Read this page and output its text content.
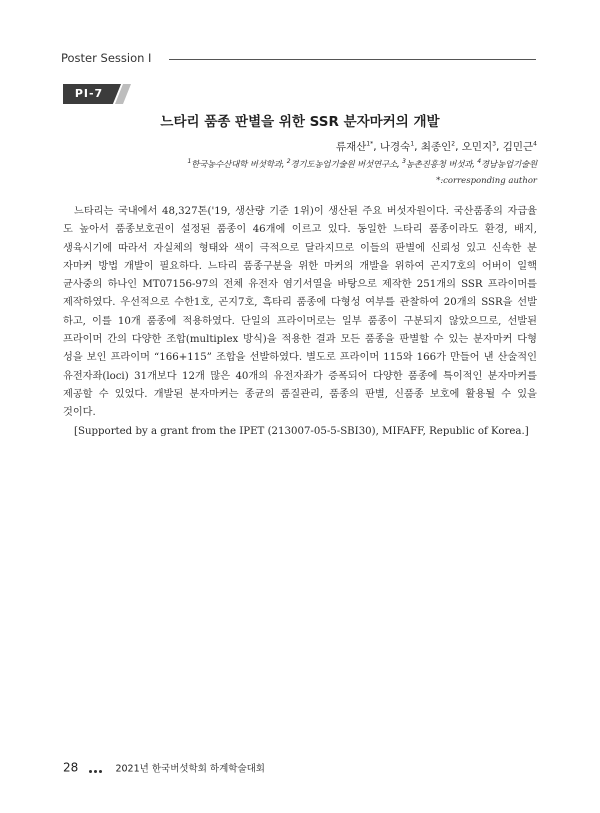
Poster Session Ⅰ
PI-7
느타리 품종 판별을 위한 SSR 분자마커의 개발
류재산$^{1*}$, 나경숙$^1$, 최종인$^2$, 오민지$^3$, 김민근$^4$
$^1$한국농수산대학 버섯학과, $^2$경기도농업기술원 버섯연구소, $^3$농촌진흥청 버섯과, $^4$경남농업기술원
*:corresponding author
느타리는 국내에서 48,327톤('19, 생산량 기준 1위)이 생산된 주요 버섯자원이다. 국산품종의 자급율
도 높아서 품종보호권이 설정된 품종이 46개에 이르고 있다. 동일한 느타리 품종이라도 환경, 배지,
생육시기에 따라서 자실체의 형태와 색이 극적으로 달라지므로 이들의 판별에 신뢰성 있고 신속한 분
자마커 방법 개발이 필요하다. 느타리 품종구분을 위한 마커의 개발을 위하여 곤지7호의 어버이 일핵
균사중의 하나인 MT07156-97의 전체 유전자 염기서열을 바탕으로 제작한 251개의 SSR 프라이머를
제작하였다. 우선적으로 수한1호, 곤지7호, 흑타리 품종에 다형성 여부를 관찰하여 20개의 SSR을 선발
하고, 이를 10개 품종에 적용하였다. 단일의 프라이머로는 일부 품종이 구분되지 않았으므로, 선발된
프라이머 간의 다양한 조합(multiplex 방식)을 적용한 결과 모든 품종을 판별할 수 있는 분자마커 다형
성을 보인 프라이머 “166+115” 조합을 선발하였다. 별도로 프라이머 115와 166가 만들어 낸 산술적인
유전자좌(loci) 31개보다 12개 많은 40개의 유전자좌가 증폭되어 다양한 품종에 특이적인 분자마커를
제공할 수 있었다. 개발된 분자마커는 종균의 품질관리, 품종의 판별, 신품종 보호에 활용될 수 있을
것이다.
[Supported by a grant from the IPET (213007-05-5-SBI30), MIFAFF, Republic of Korea.]
28	2021년 한국버섯학회 하계학술대회
